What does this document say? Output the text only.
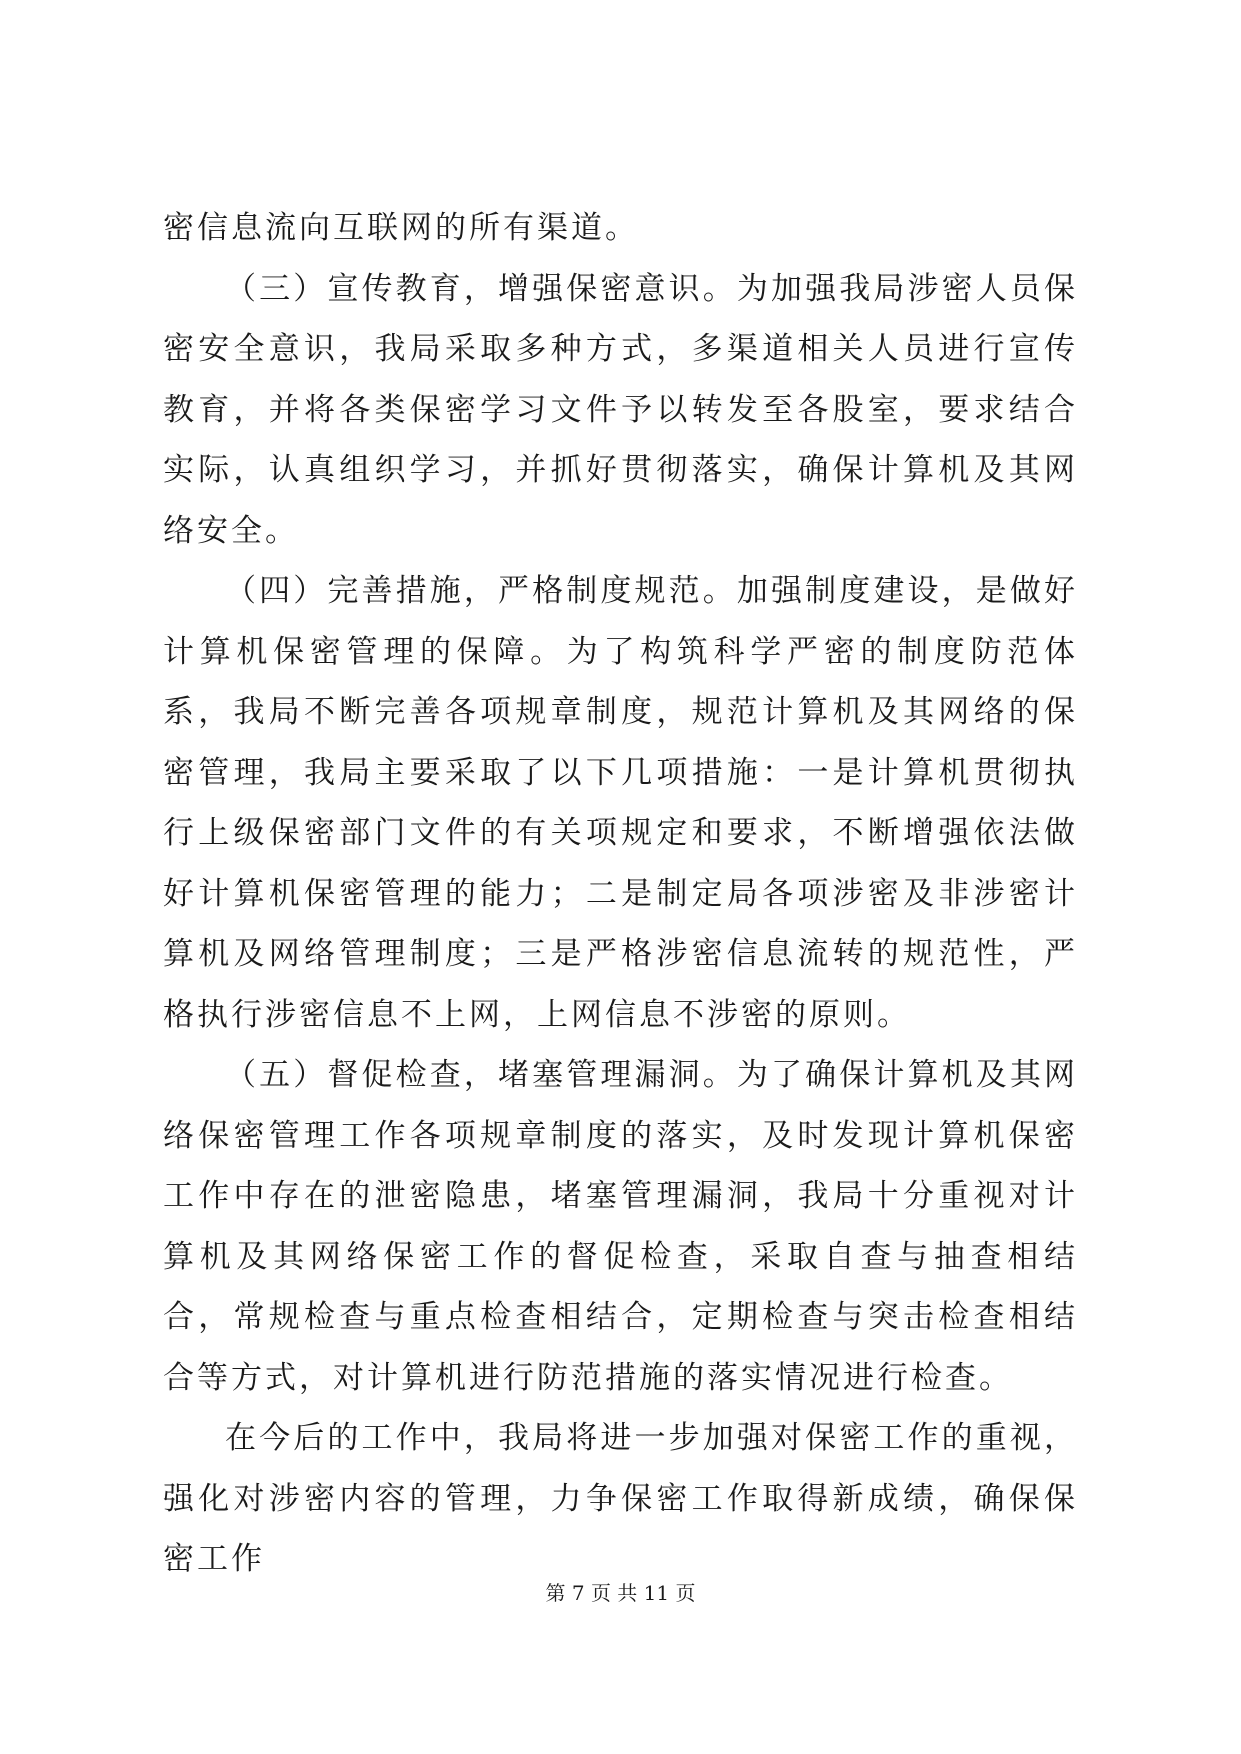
密信息流向互联网的所有渠道。

（三）宣传教育，增强保密意识。为加强我局涉密人员保密安全意识，我局采取多种方式，多渠道相关人员进行宣传教育，并将各类保密学习文件予以转发至各股室，要求结合实际，认真组织学习，并抓好贯彻落实，确保计算机及其网络安全。

（四）完善措施，严格制度规范。加强制度建设，是做好计算机保密管理的保障。为了构筑科学严密的制度防范体系，我局不断完善各项规章制度，规范计算机及其网络的保密管理，我局主要采取了以下几项措施：一是计算机贯彻执行上级保密部门文件的有关项规定和要求，不断增强依法做好计算机保密管理的能力；二是制定局各项涉密及非涉密计算机及网络管理制度；三是严格涉密信息流转的规范性，严格执行涉密信息不上网，上网信息不涉密的原则。

（五）督促检查，堵塞管理漏洞。为了确保计算机及其网络保密管理工作各项规章制度的落实，及时发现计算机保密工作中存在的泄密隐患，堵塞管理漏洞，我局十分重视对计算机及其网络保密工作的督促检查，采取自查与抽查相结合，常规检查与重点检查相结合，定期检查与突击检查相结合等方式，对计算机进行防范措施的落实情况进行检查。

在今后的工作中，我局将进一步加强对保密工作的重视，强化对涉密内容的管理，力争保密工作取得新成绩，确保保密工作

第 7 页 共 11 页
